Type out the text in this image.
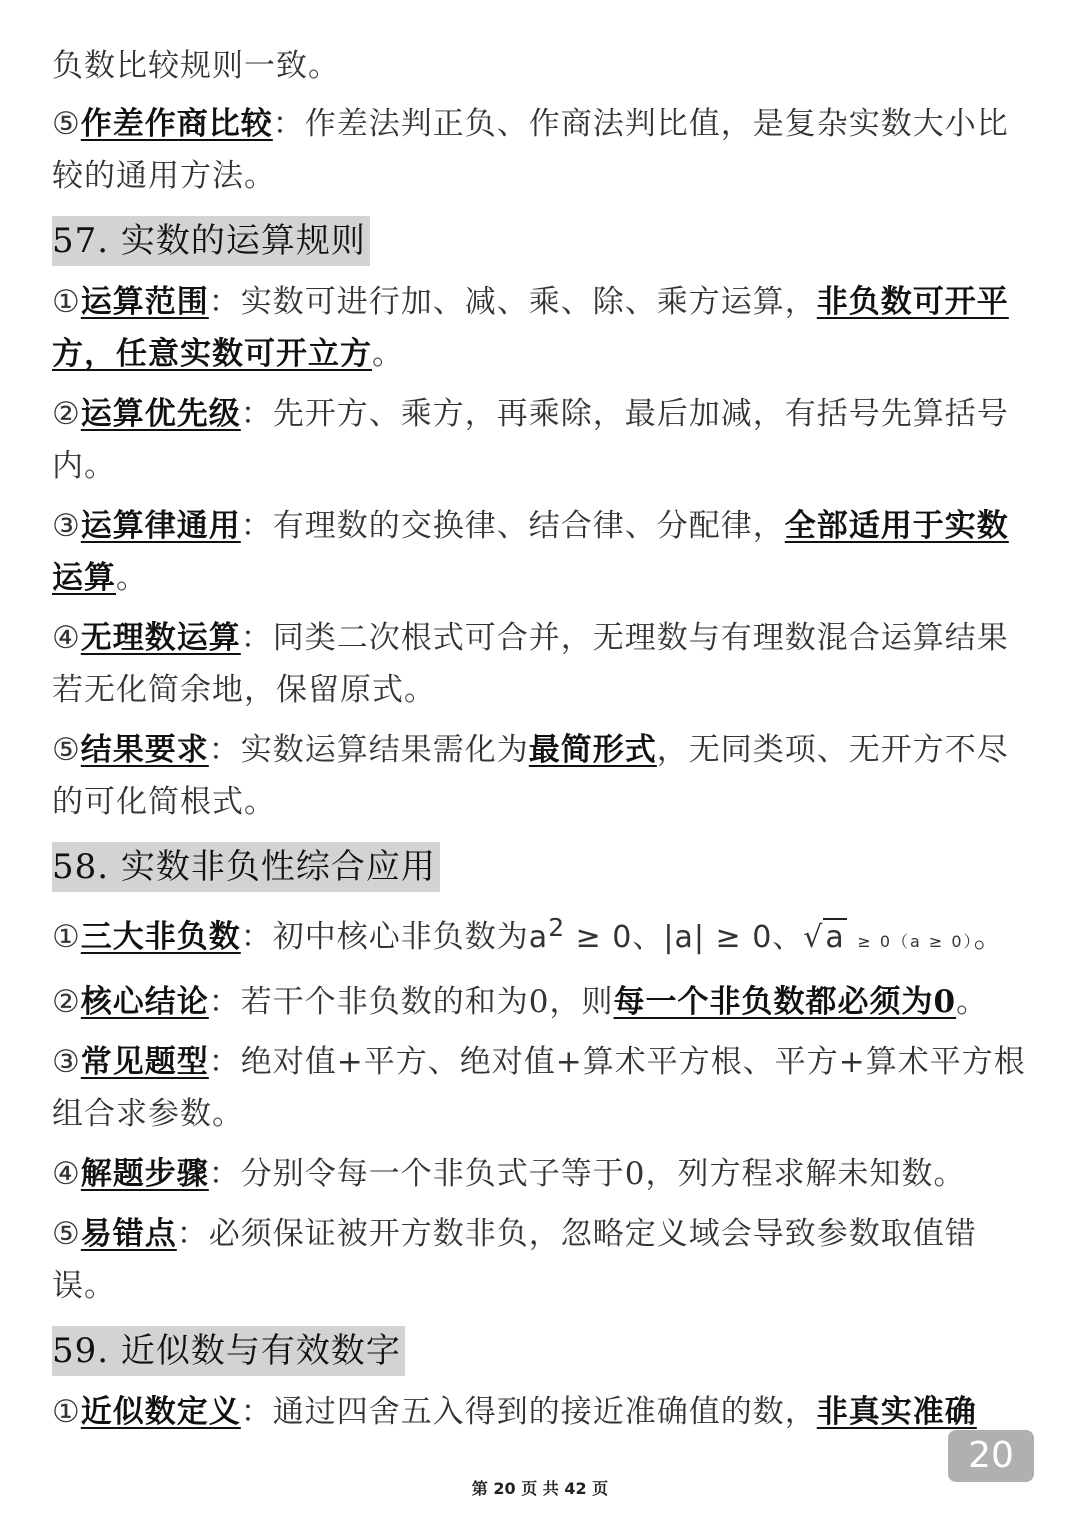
负数比较规则一致。

⑤作差作商比较：作差法判正负、作商法判比值，是复杂实数大小比较的通用方法。

57. 实数的运算规则

①运算范围：实数可进行加、减、乘、除、乘方运算，非负数可开平方，任意实数可开立方。

②运算优先级：先开方、乘方，再乘除，最后加减，有括号先算括号内。

③运算律通用：有理数的交换律、结合律、分配律，全部适用于实数运算。

④无理数运算：同类二次根式可合并，无理数与有理数混合运算结果若无化简余地，保留原式。

⑤结果要求：实数运算结果需化为最简形式，无同类项、无开方不尽的可化简根式。

58. 实数非负性综合应用

①三大非负数：初中核心非负数为$a^2 \ge 0$、|a| ≥ 0、√a ≥ 0（a ≥ 0）。

②核心结论：若干个非负数的和为0，则每一个非负数都必须为0。

③常见题型：绝对值+平方、绝对值+算术平方根、平方+算术平方根组合求参数。

④解题步骤：分别令每一个非负式子等于0，列方程求解未知数。

⑤易错点：必须保证被开方数非负，忽略定义域会导致参数取值错误。

59. 近似数与有效数字

①近似数定义：通过四舍五入得到的接近准确值的数，非真实准确

20
第 20 页 共 42 页
